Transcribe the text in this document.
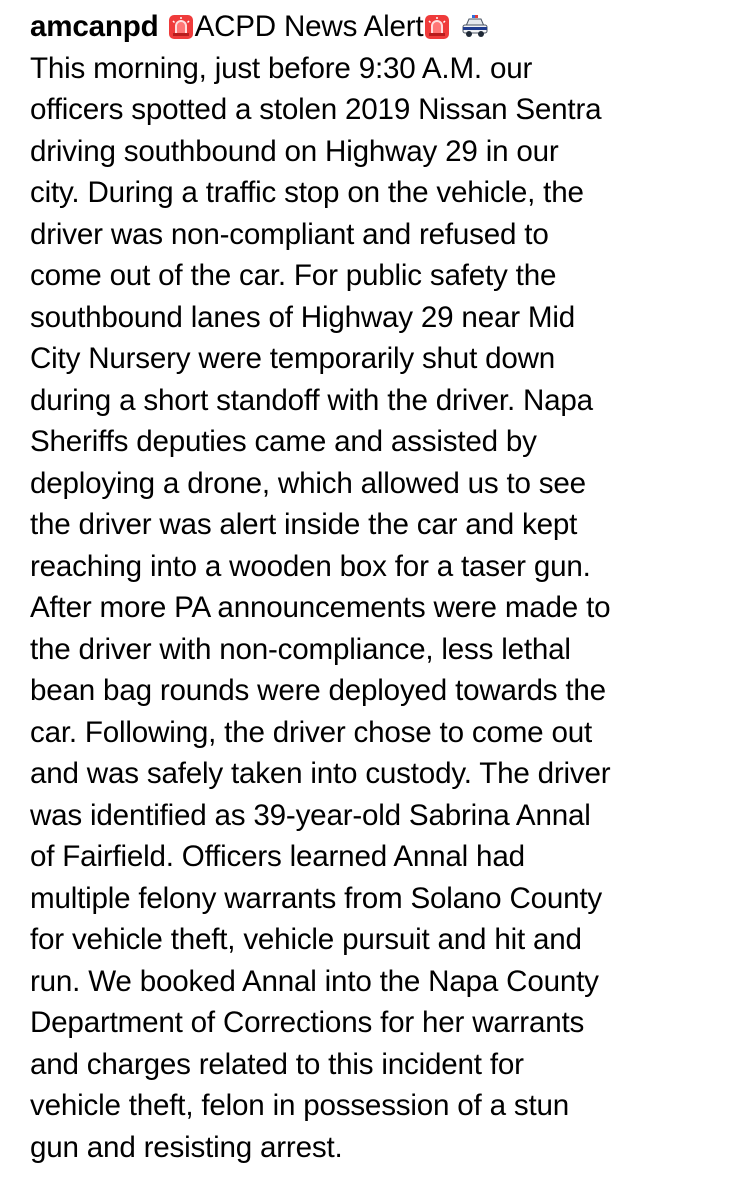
amcanpd ACPD News Alert

This morning, just before 9:30 A.M. our
officers spotted a stolen 2019 Nissan Sentra
driving southbound on Highway 29 in our
city. During a traffic stop on the vehicle, the
driver was non-compliant and refused to
come out of the car. For public safety the
southbound lanes of Highway 29 near Mid
City Nursery were temporarily shut down
during a short standoff with the driver. Napa
Sheriffs deputies came and assisted by
deploying a drone, which allowed us to see
the driver was alert inside the car and kept
reaching into a wooden box for a taser gun.
After more PA announcements were made to
the driver with non-compliance, less lethal
bean bag rounds were deployed towards the
car. Following, the driver chose to come out
and was safely taken into custody. The driver
was identified as 39-year-old Sabrina Annal
of Fairfield. Officers learned Annal had
multiple felony warrants from Solano County
for vehicle theft, vehicle pursuit and hit and
run. We booked Annal into the Napa County
Department of Corrections for her warrants
and charges related to this incident for
vehicle theft, felon in possession of a stun
gun and resisting arrest.
